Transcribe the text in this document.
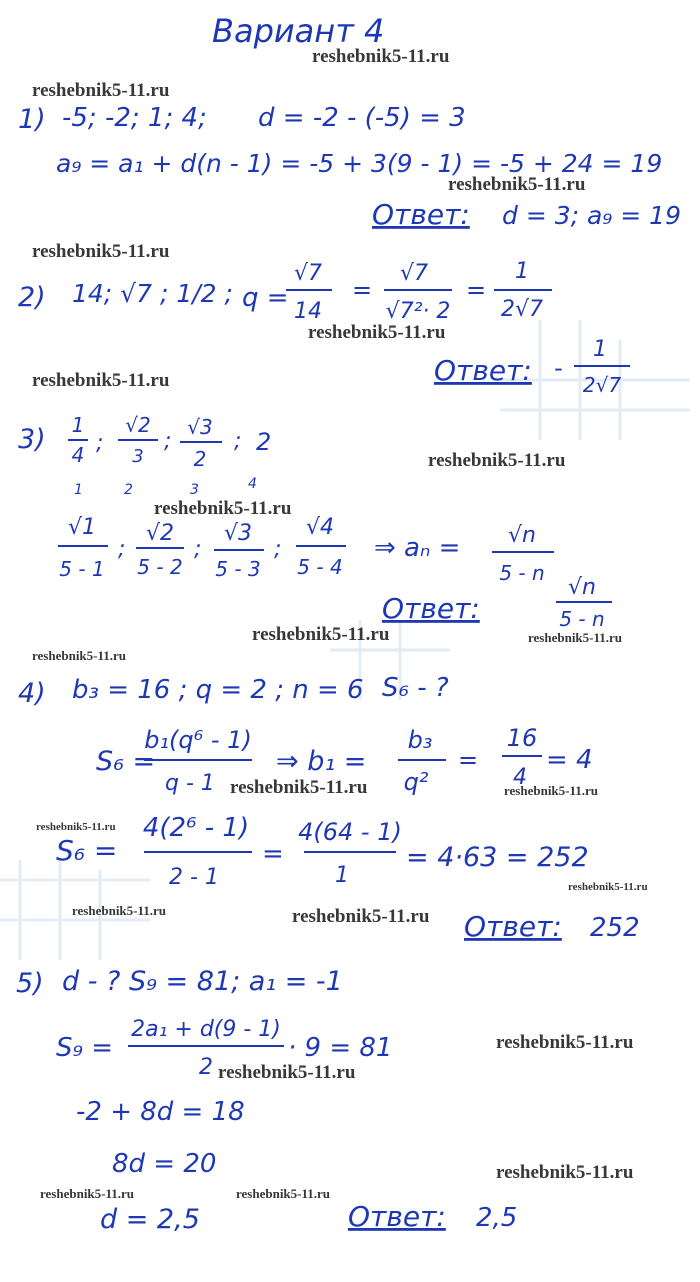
reshebnik5-11.ru
reshebnik5-11.ru
reshebnik5-11.ru
reshebnik5-11.ru
reshebnik5-11.ru
reshebnik5-11.ru
reshebnik5-11.ru
reshebnik5-11.ru
reshebnik5-11.ru	reshebnik5-11.ru
reshebnik5-11.ru
reshebnik5-11.ru	reshebnik5-11.ru
reshebnik5-11.ru
reshebnik5-11.ru
reshebnik5-11.ru	reshebnik5-11.ru
reshebnik5-11.ru
reshebnik5-11.ru
reshebnik5-11.ru
reshebnik5-11.ru	reshebnik5-11.ru
Вариант 4
1) -5; -2; 1; 4; d = -2 - (-5) = 3
a₉ = a₁ + d(n - 1) = -5 + 3(9 - 1) = -5 + 24 = 19
Ответ: d = 3; a₉ = 19
2) 14; √7 ; 1/2 ; q =
√7
14
=
√7
√7²· 2
=
1
2√7
Ответ: -
1
2√7
3) 1
4 ;
√2
3
;
√3
2
; 2
1	2	3	4
√1
5 - 1
;
√2
5 - 2
;
√3
5 - 3
;
√4
5 - 4
⇒ aₙ = √n
5 - n
Ответ:
√n
5 - n
4) b₃ = 16 ; q = 2 ; n = 6 S₆ - ?
S₆ =
b₁(q⁶ - 1)
q - 1
⇒ b₁ =
b₃
q²
=
16
4
= 4
S₆ =
4(2⁶ - 1)
2 - 1
=
4(64 - 1)
1
= 4·63 = 252
Ответ: 252
5) d - ? S₉ = 81; a₁ = -1
S₉ =
2a₁ + d(9 - 1)
2
· 9 = 81
-2 + 8d = 18
8d = 20
d = 2,5	Ответ: 2,5
